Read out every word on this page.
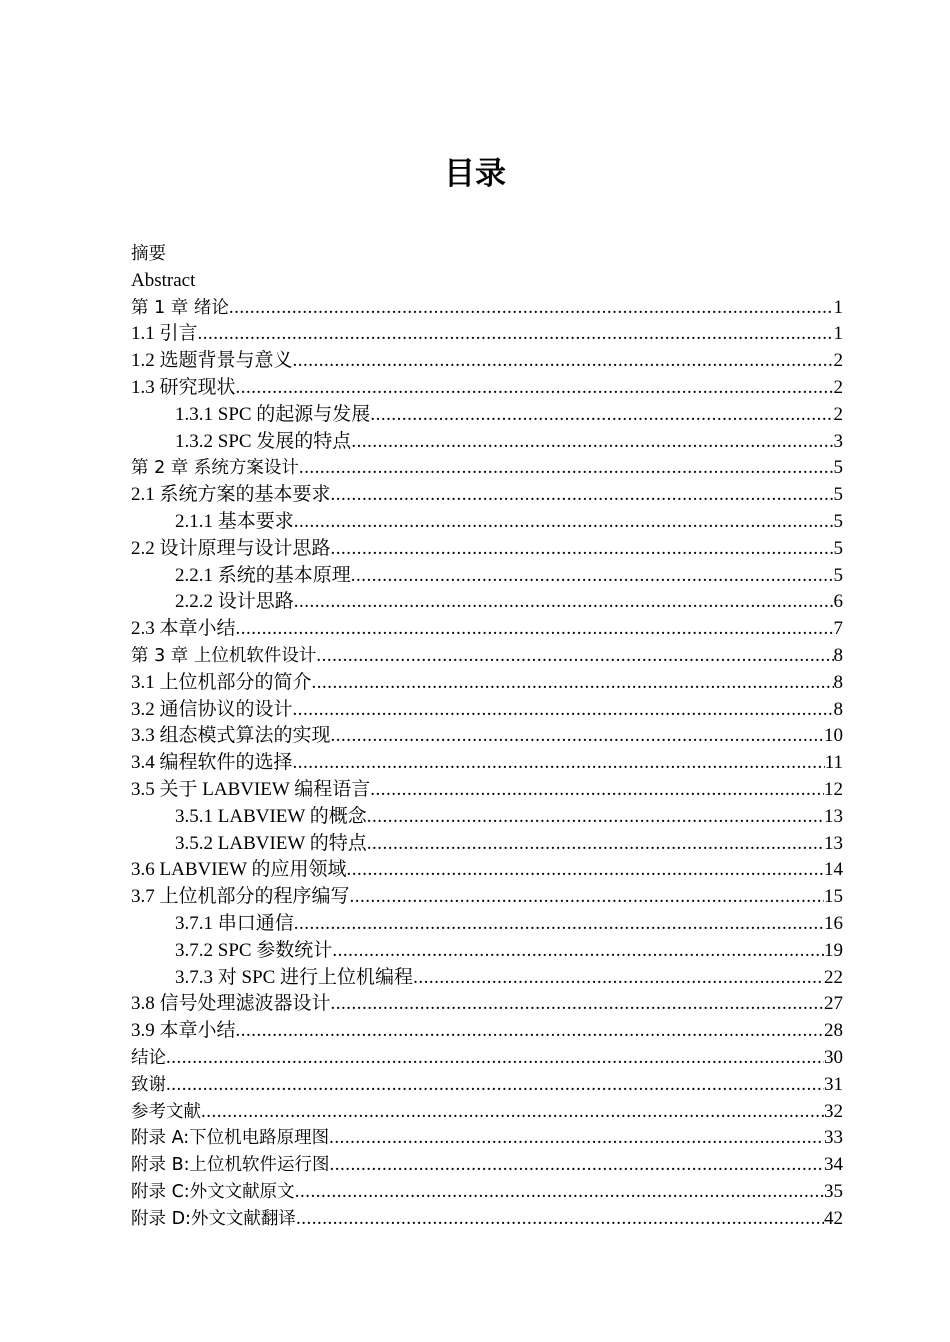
目录
摘要
Abstract
第 1 章 绪论 .....	1
1.1 引言 .....	1
1.2 选题背景与意义 .....	2
1.3 研究现状 .....	2
1.3.1 SPC 的起源与发展 .....	2
1.3.2 SPC 发展的特点 .....	3
第 2 章 系统方案设计 .....	5
2.1 系统方案的基本要求 .....	5
2.1.1 基本要求 .....	5
2.2 设计原理与设计思路 .....	5
2.2.1 系统的基本原理 .....	5
2.2.2 设计思路 .....	6
2.3 本章小结 .....	7
第 3 章 上位机软件设计 .....	8
3.1 上位机部分的简介 .....	8
3.2 通信协议的设计 .....	8
3.3 组态模式算法的实现 .....	10
3.4 编程软件的选择 .....	11
3.5 关于 LABVIEW 编程语言 .....	12
3.5.1 LABVIEW 的概念 .....	13
3.5.2 LABVIEW 的特点 .....	13
3.6 LABVIEW 的应用领域 .....	14
3.7 上位机部分的程序编写 .....	15
3.7.1 串口通信 .....	16
3.7.2 SPC 参数统计 .....	19
3.7.3 对 SPC 进行上位机编程 .....	22
3.8 信号处理滤波器设计 .....	27
3.9 本章小结 .....	28
结论 .....	30
致谢 .....	31
参考文献 .....	32
附录 A:下位机电路原理图 .....	33
附录 B:上位机软件运行图 .....	34
附录 C:外文文献原文 .....	35
附录 D:外文文献翻译 .....	42
